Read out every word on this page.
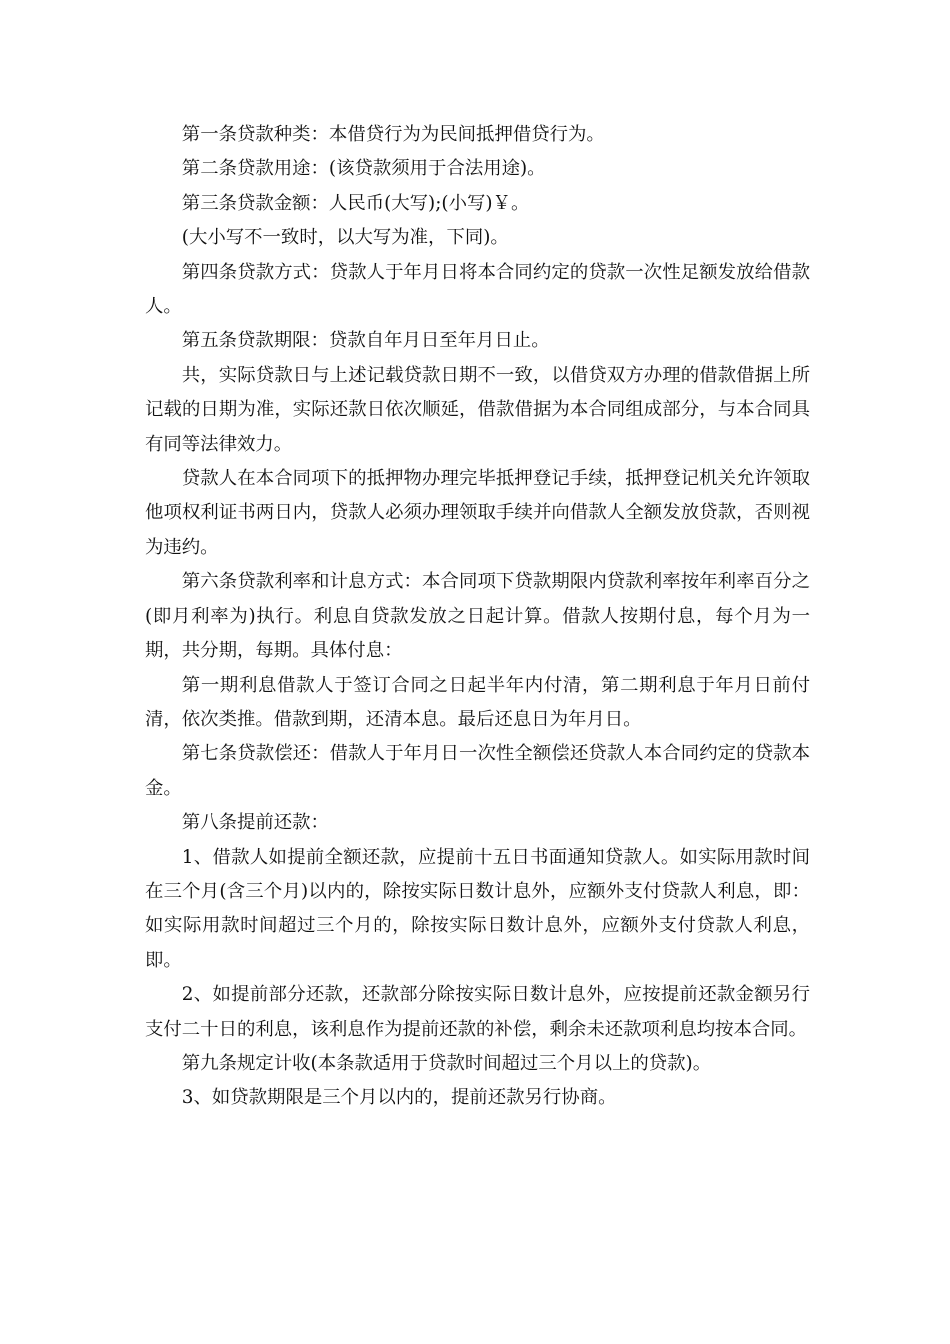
第一条贷款种类：本借贷行为为民间抵押借贷行为。

第二条贷款用途：(该贷款须用于合法用途)。

第三条贷款金额：人民币(大写);(小写)￥。

(大小写不一致时，以大写为准，下同)。

第四条贷款方式：贷款人于年月日将本合同约定的贷款一次性足额发放给借款人。

第五条贷款期限：贷款自年月日至年月日止。

共，实际贷款日与上述记载贷款日期不一致，以借贷双方办理的借款借据上所记载的日期为准，实际还款日依次顺延，借款借据为本合同组成部分，与本合同具有同等法律效力。

贷款人在本合同项下的抵押物办理完毕抵押登记手续，抵押登记机关允许领取他项权利证书两日内，贷款人必须办理领取手续并向借款人全额发放贷款，否则视为违约。

第六条贷款利率和计息方式：本合同项下贷款期限内贷款利率按年利率百分之(即月利率为)执行。利息自贷款发放之日起计算。借款人按期付息，每个月为一期，共分期，每期。具体付息：

第一期利息借款人于签订合同之日起半年内付清，第二期利息于年月日前付清，依次类推。借款到期，还清本息。最后还息日为年月日。

第七条贷款偿还：借款人于年月日一次性全额偿还贷款人本合同约定的贷款本金。

第八条提前还款：

1、借款人如提前全额还款，应提前十五日书面通知贷款人。如实际用款时间在三个月(含三个月)以内的，除按实际日数计息外，应额外支付贷款人利息，即：如实际用款时间超过三个月的，除按实际日数计息外，应额外支付贷款人利息，即。

2、如提前部分还款，还款部分除按实际日数计息外，应按提前还款金额另行支付二十日的利息，该利息作为提前还款的补偿，剩余未还款项利息均按本合同。

第九条规定计收(本条款适用于贷款时间超过三个月以上的贷款)。

3、如贷款期限是三个月以内的，提前还款另行协商。
